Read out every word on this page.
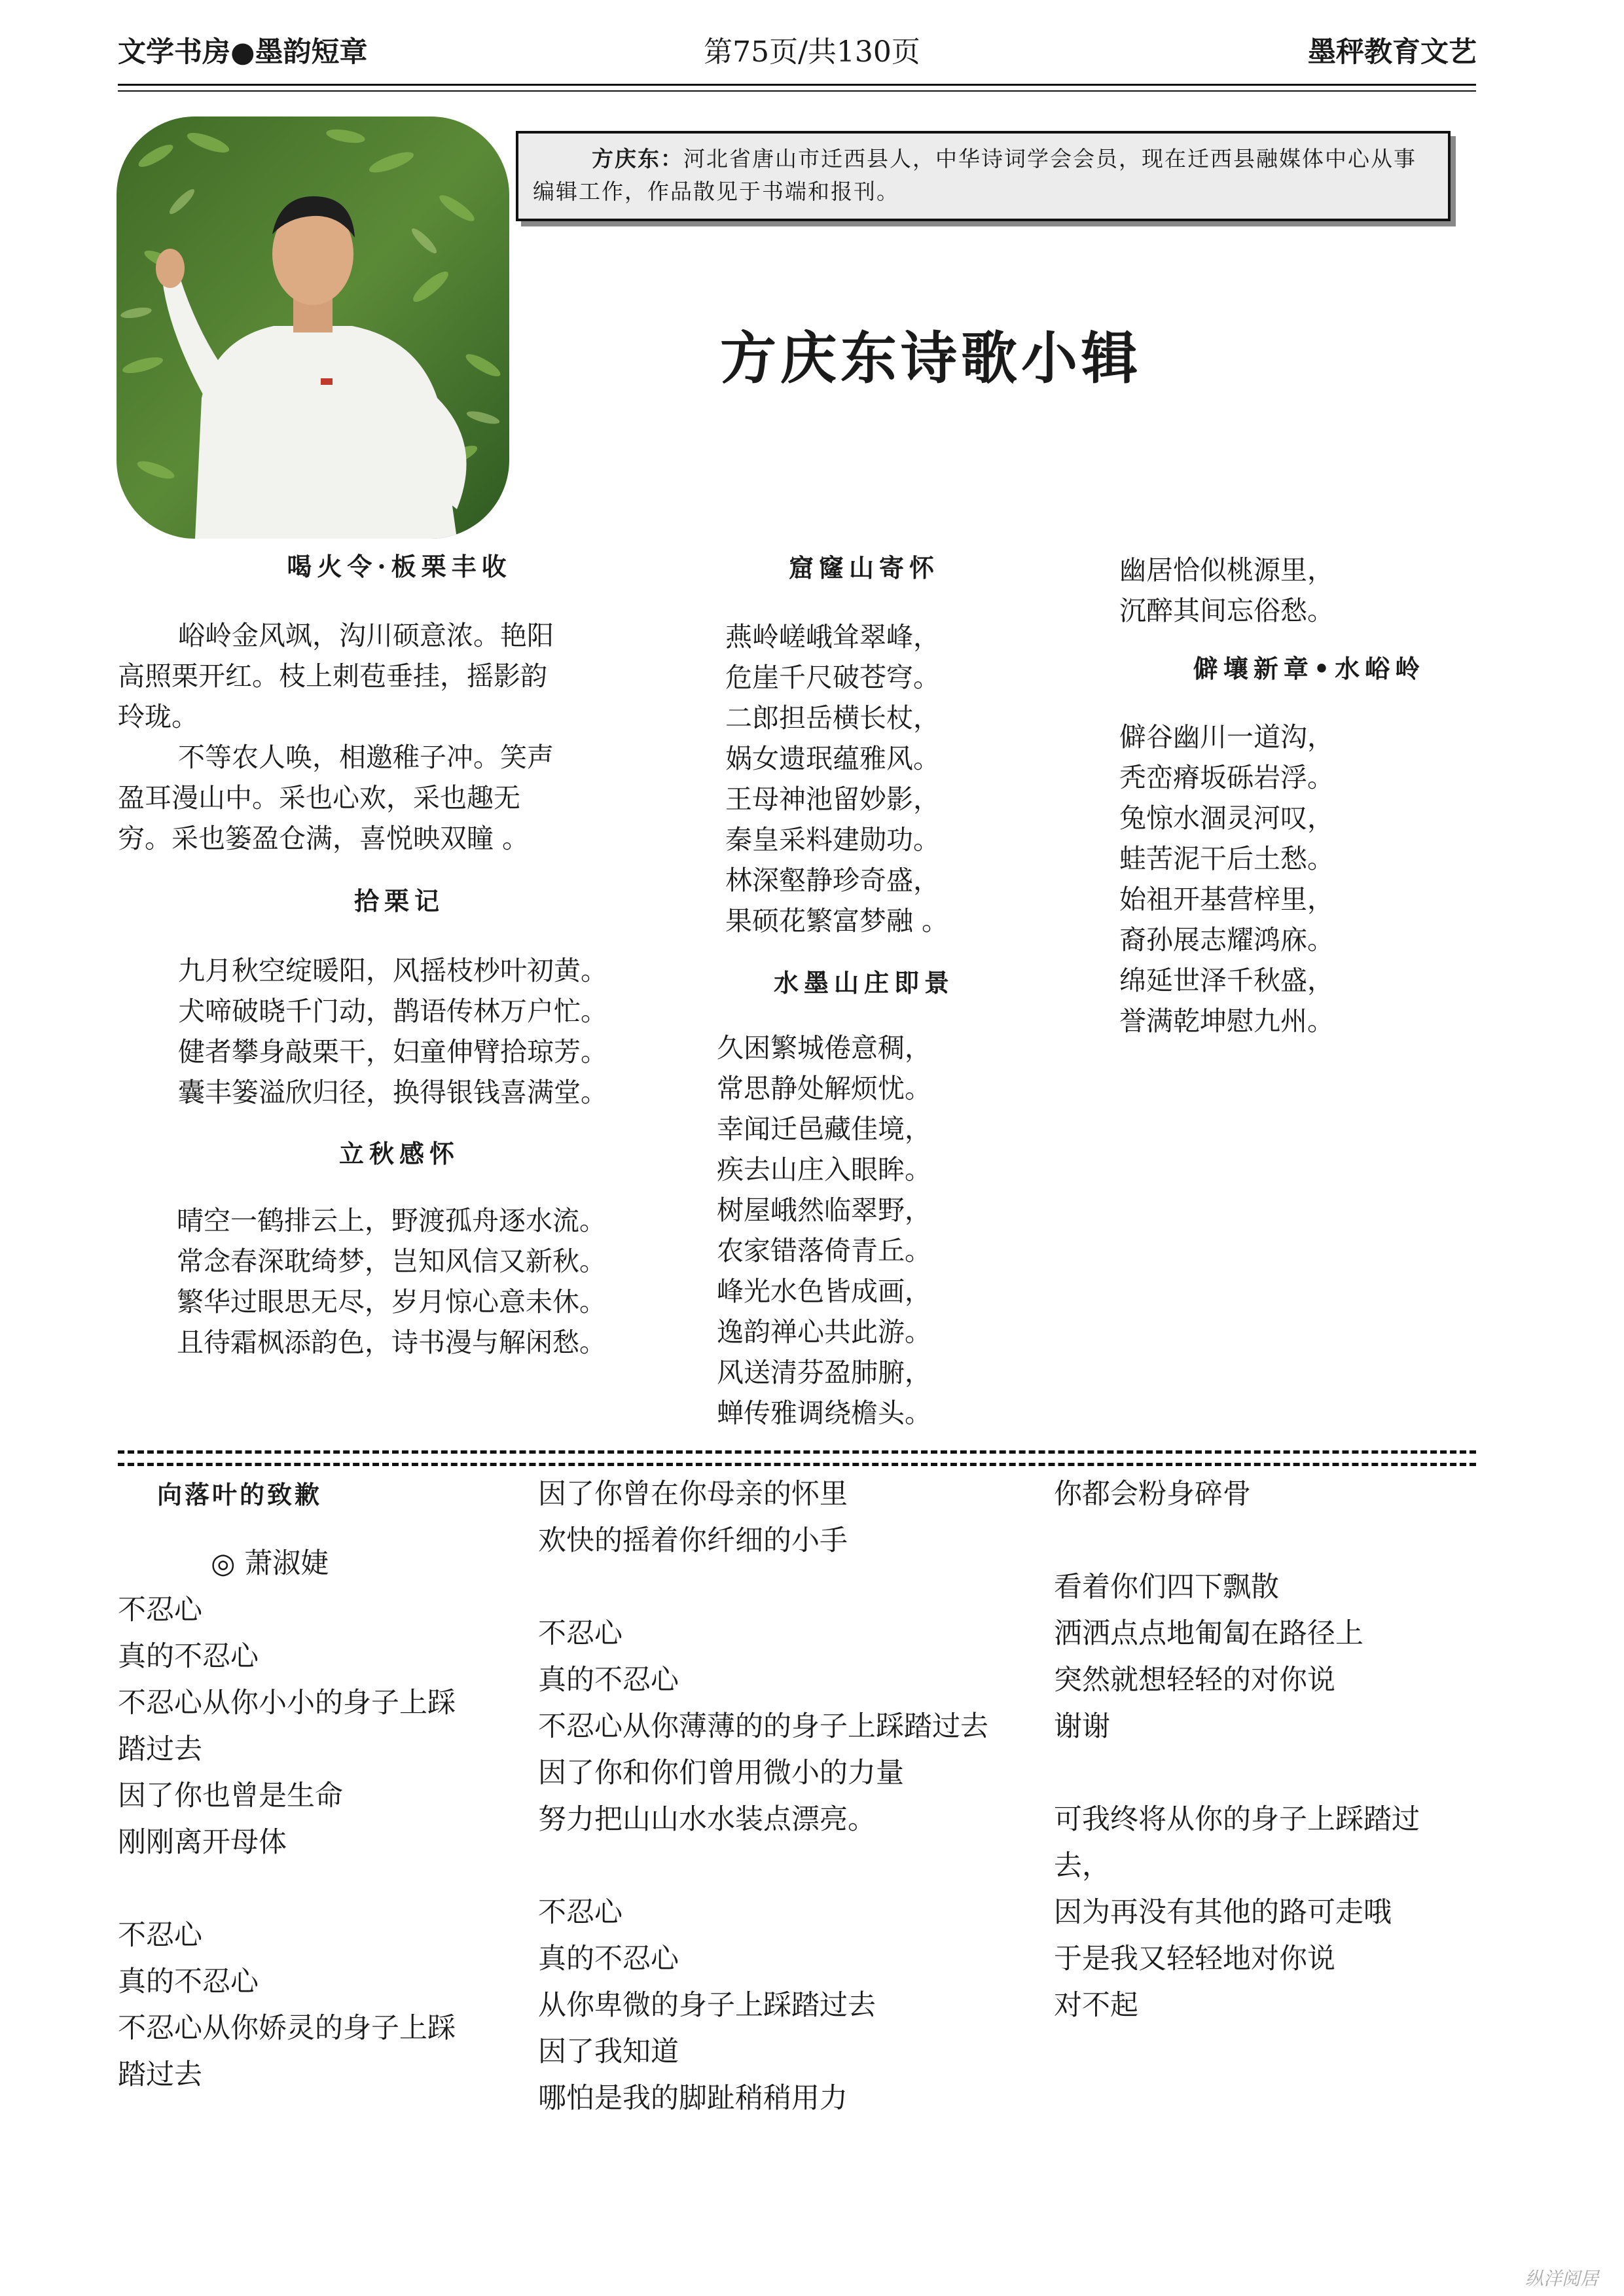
文学书房●墨韵短章	第75页/共130页	墨秤教育文艺
方庆东：河北省唐山市迁西县人，中华诗词学会会员，现在迁西县融媒体中心从事编辑工作，作品散见于书端和报刊。
方庆东诗歌小辑
喝火令·板栗丰收
峪岭金风飒，沟川硕意浓。艳阳
高照栗开红。枝上刺苞垂挂，摇影韵
玲珑。
不等农人唤，相邀稚子冲。笑声
盈耳漫山中。采也心欢，采也趣无
穷。采也篓盈仓满，喜悦映双瞳 。
拾栗记
九月秋空绽暖阳，风摇枝杪叶初黄。
犬啼破晓千门动，鹊语传林万户忙。
健者攀身敲栗干，妇童伸臂拾琼芳。
囊丰篓溢欣归径，换得银钱喜满堂。
立秋感怀
晴空一鹤排云上，野渡孤舟逐水流。
常念春深耽绮梦，岂知风信又新秋。
繁华过眼思无尽，岁月惊心意未休。
且待霜枫添韵色，诗书漫与解闲愁。
窟窿山寄怀
燕岭嵯峨耸翠峰，
危崖千尺破苍穹。
二郎担岳横长杖，
娲女遗珉蕴雅风。
王母神池留妙影，
秦皇采料建勋功。
林深壑静珍奇盛，
果硕花繁富梦融 。
水墨山庄即景
久困繁城倦意稠，
常思静处解烦忧。
幸闻迁邑藏佳境，
疾去山庄入眼眸。
树屋峨然临翠野，
农家错落倚青丘。
峰光水色皆成画，
逸韵禅心共此游。
风送清芬盈肺腑，
蝉传雅调绕檐头。
幽居恰似桃源里，
沉醉其间忘俗愁。
僻壤新章•水峪岭
僻谷幽川一道沟，
秃峦瘠坂砾岩浮。
兔惊水涸灵河叹，
蛙苦泥干后土愁。
始祖开基营梓里，
裔孙展志耀鸿庥。
绵延世泽千秋盛，
誉满乾坤慰九州。
向落叶的致歉
◎ 萧淑婕
不忍心
真的不忍心
不忍心从你小小的身子上踩
踏过去
因了你也曾是生命
刚刚离开母体

不忍心
真的不忍心
不忍心从你娇灵的身子上踩
踏过去
因了你曾在你母亲的怀里
欢快的摇着你纤细的小手

不忍心
真的不忍心
不忍心从你薄薄的的身子上踩踏过去
因了你和你们曾用微小的力量
努力把山山水水装点漂亮。

不忍心
真的不忍心
从你卑微的身子上踩踏过去
因了我知道
哪怕是我的脚趾稍稍用力
你都会粉身碎骨

看着你们四下飘散
洒洒点点地匍匐在路径上
突然就想轻轻的对你说
谢谢

可我终将从你的身子上踩踏过
去，
因为再没有其他的路可走哦
于是我又轻轻地对你说
对不起
纵洋阅居
